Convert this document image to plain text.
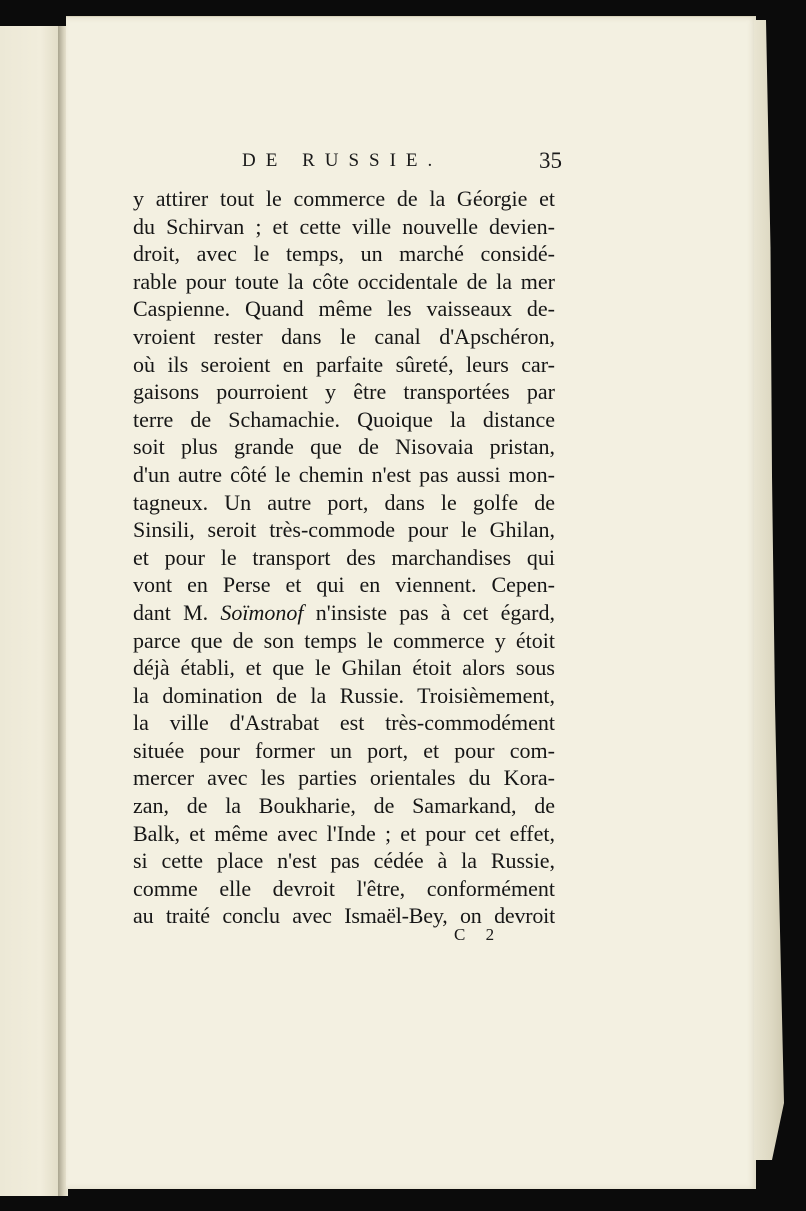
DE RUSSIE.	35
y attirer tout le commerce de la Géorgie et
du Schirvan ; et cette ville nouvelle devien-
droit, avec le temps, un marché considé-
rable pour toute la côte occidentale de la mer
Caspienne. Quand même les vaisseaux de-
vroient rester dans le canal d'Apschéron,
où ils seroient en parfaite sûreté, leurs car-
gaisons pourroient y être transportées par
terre de Schamachie. Quoique la distance
soit plus grande que de Nisovaia pristan,
d'un autre côté le chemin n'est pas aussi mon-
tagneux. Un autre port, dans le golfe de
Sinsili, seroit très-commode pour le Ghilan,
et pour le transport des marchandises qui
vont en Perse et qui en viennent. Cepen-
dant M. Soïmonof n'insiste pas à cet égard,
parce que de son temps le commerce y étoit
déjà établi, et que le Ghilan étoit alors sous
la domination de la Russie. Troisièmement,
la ville d'Astrabat est très-commodément
située pour former un port, et pour com-
mercer avec les parties orientales du Kora-
zan, de la Boukharie, de Samarkand, de
Balk, et même avec l'Inde ; et pour cet effet,
si cette place n'est pas cédée à la Russie,
comme elle devroit l'être, conformément
au traité conclu avec Ismaël-Bey, on devroit
C 2
